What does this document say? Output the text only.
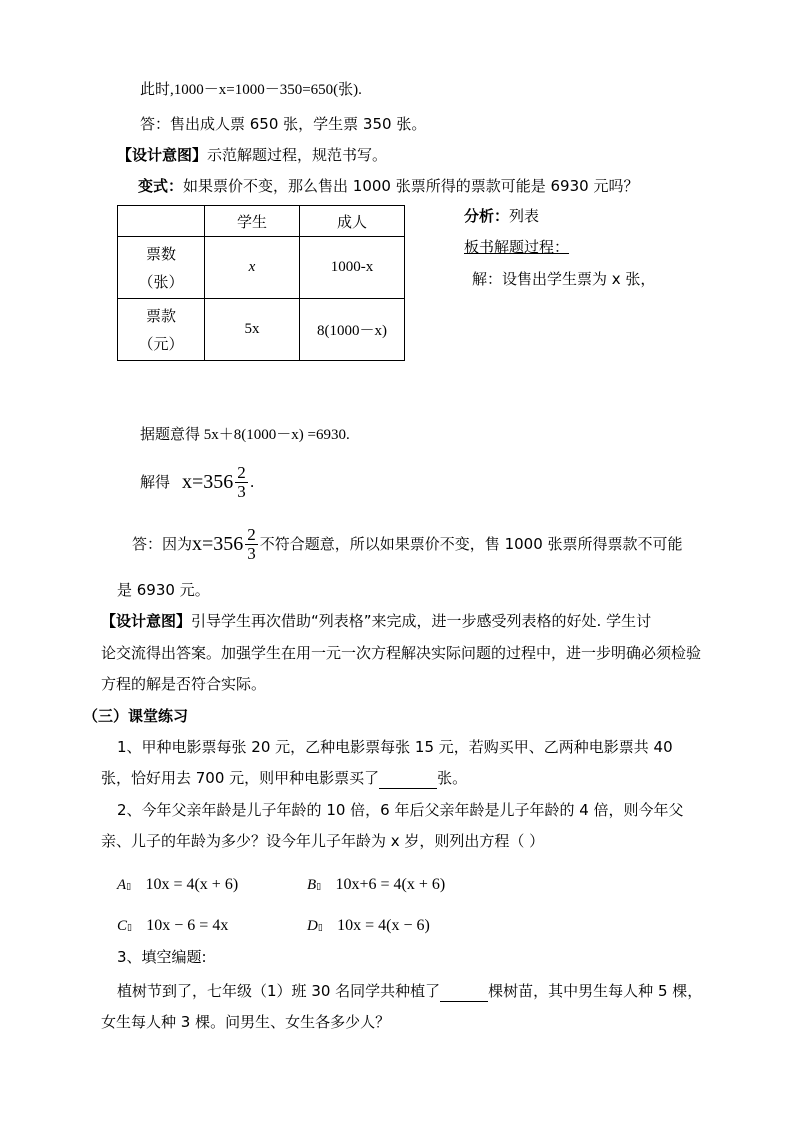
此时,1000－x=1000－350=650(张).
答：售出成人票 650 张，学生票 350 张。
【设计意图】示范解题过程，规范书写。
变式：如果票价不变，那么售出 1000 张票所得的票款可能是 6930 元吗？
	学生	成人

票数
（张）	x	1000-x

票款
（元）	5x	8(1000－x)
分析：列表
板书解题过程：
解：设售出学生票为 x 张，
据题意得 5x＋8(1000－x) =6930.
解得 $x=356 \frac{2}{3}$ .
答：因为 $x=356 \frac{2}{3}$ 不符合题意，所以如果票价不变，售 1000 张票所得票款不可能
是 6930 元。
【设计意图】引导学生再次借助“列表格”来完成，进一步感受列表格的好处. 学生讨
论交流得出答案。加强学生在用一元一次方程解决实际问题的过程中，进一步明确必须检验
方程的解是否符合实际。
（三）课堂练习
1、甲种电影票每张 20 元，乙种电影票每张 15 元，若购买甲、乙两种电影票共 40
张，恰好用去 700 元，则甲种电影票买了	张。
2、今年父亲年龄是儿子年龄的 10 倍，6 年后父亲年龄是儿子年龄的 4 倍，则今年父
亲、儿子的年龄为多少？设今年儿子年龄为 x 岁，则列出方程（ ）
A▯ 10x = 4(x + 6)	B▯ 10x+6 = 4(x + 6)
C▯ 10x − 6 = 4x	D▯ 10x = 4(x − 6)
3、填空编题:
植树节到了，七年级（1）班 30 名同学共种植了	棵树苗，其中男生每人种 5 棵，
女生每人种 3 棵。问男生、女生各多少人？
